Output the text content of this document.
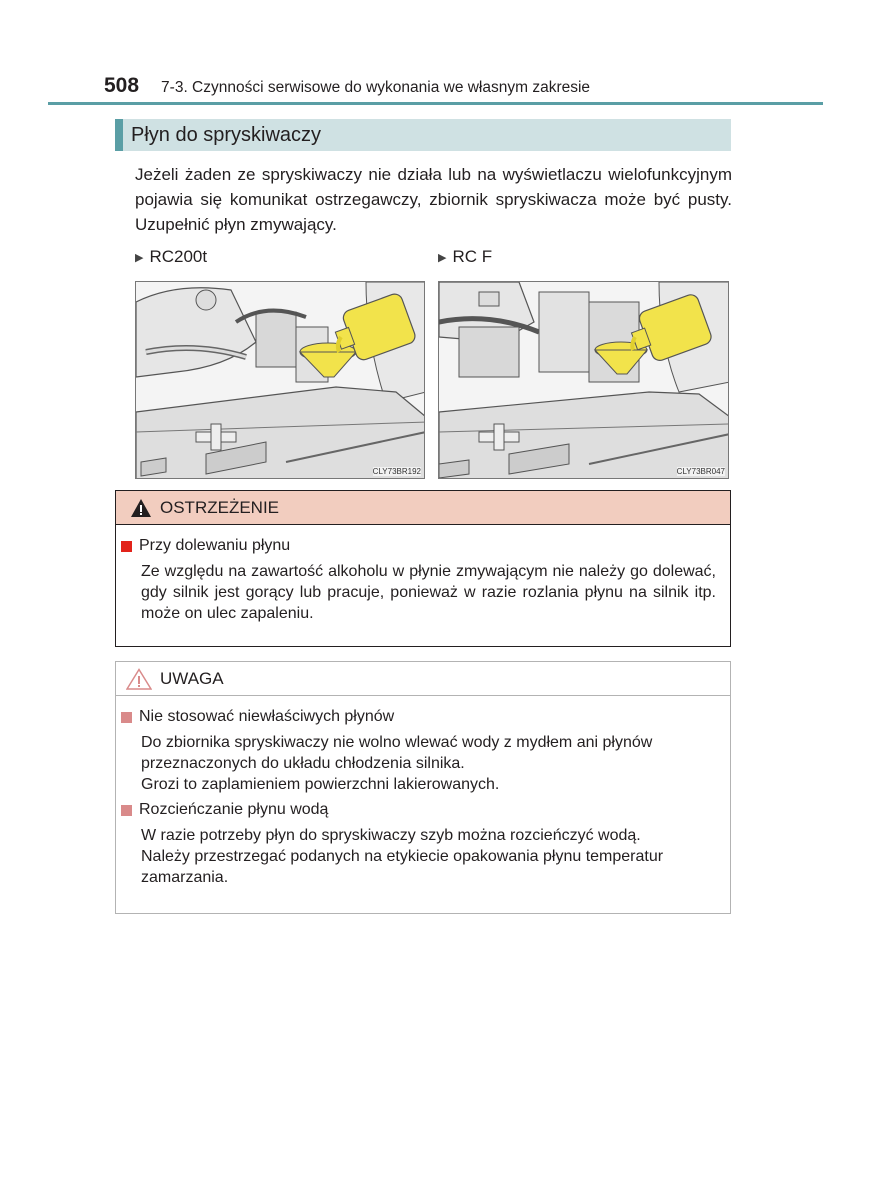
508 7-3. Czynności serwisowe do wykonania we własnym zakresie
Płyn do spryskiwaczy

Jeżeli żaden ze spryskiwaczy nie działa lub na wyświetlaczu wielofunkcyjnym pojawia się komunikat ostrzegawczy, zbiornik spryskiwacza może być pusty. Uzupełnić płyn zmywający.

▶ RC200t	▶ RC F
CLY73BR192	CLY73BR047
OSTRZEŻENIE
Przy dolewaniu płynu
Ze względu na zawartość alkoholu w płynie zmywającym nie należy go dolewać, gdy silnik jest gorący lub pracuje, ponieważ w razie rozlania płynu na silnik itp. może on ulec zapaleniu.
UWAGA
Nie stosować niewłaściwych płynów
Do zbiornika spryskiwaczy nie wolno wlewać wody z mydłem ani płynów przeznaczonych do układu chłodzenia silnika.
Grozi to zaplamieniem powierzchni lakierowanych.
Rozcieńczanie płynu wodą
W razie potrzeby płyn do spryskiwaczy szyb można rozcieńczyć wodą.
Należy przestrzegać podanych na etykiecie opakowania płynu temperatur zamarzania.
